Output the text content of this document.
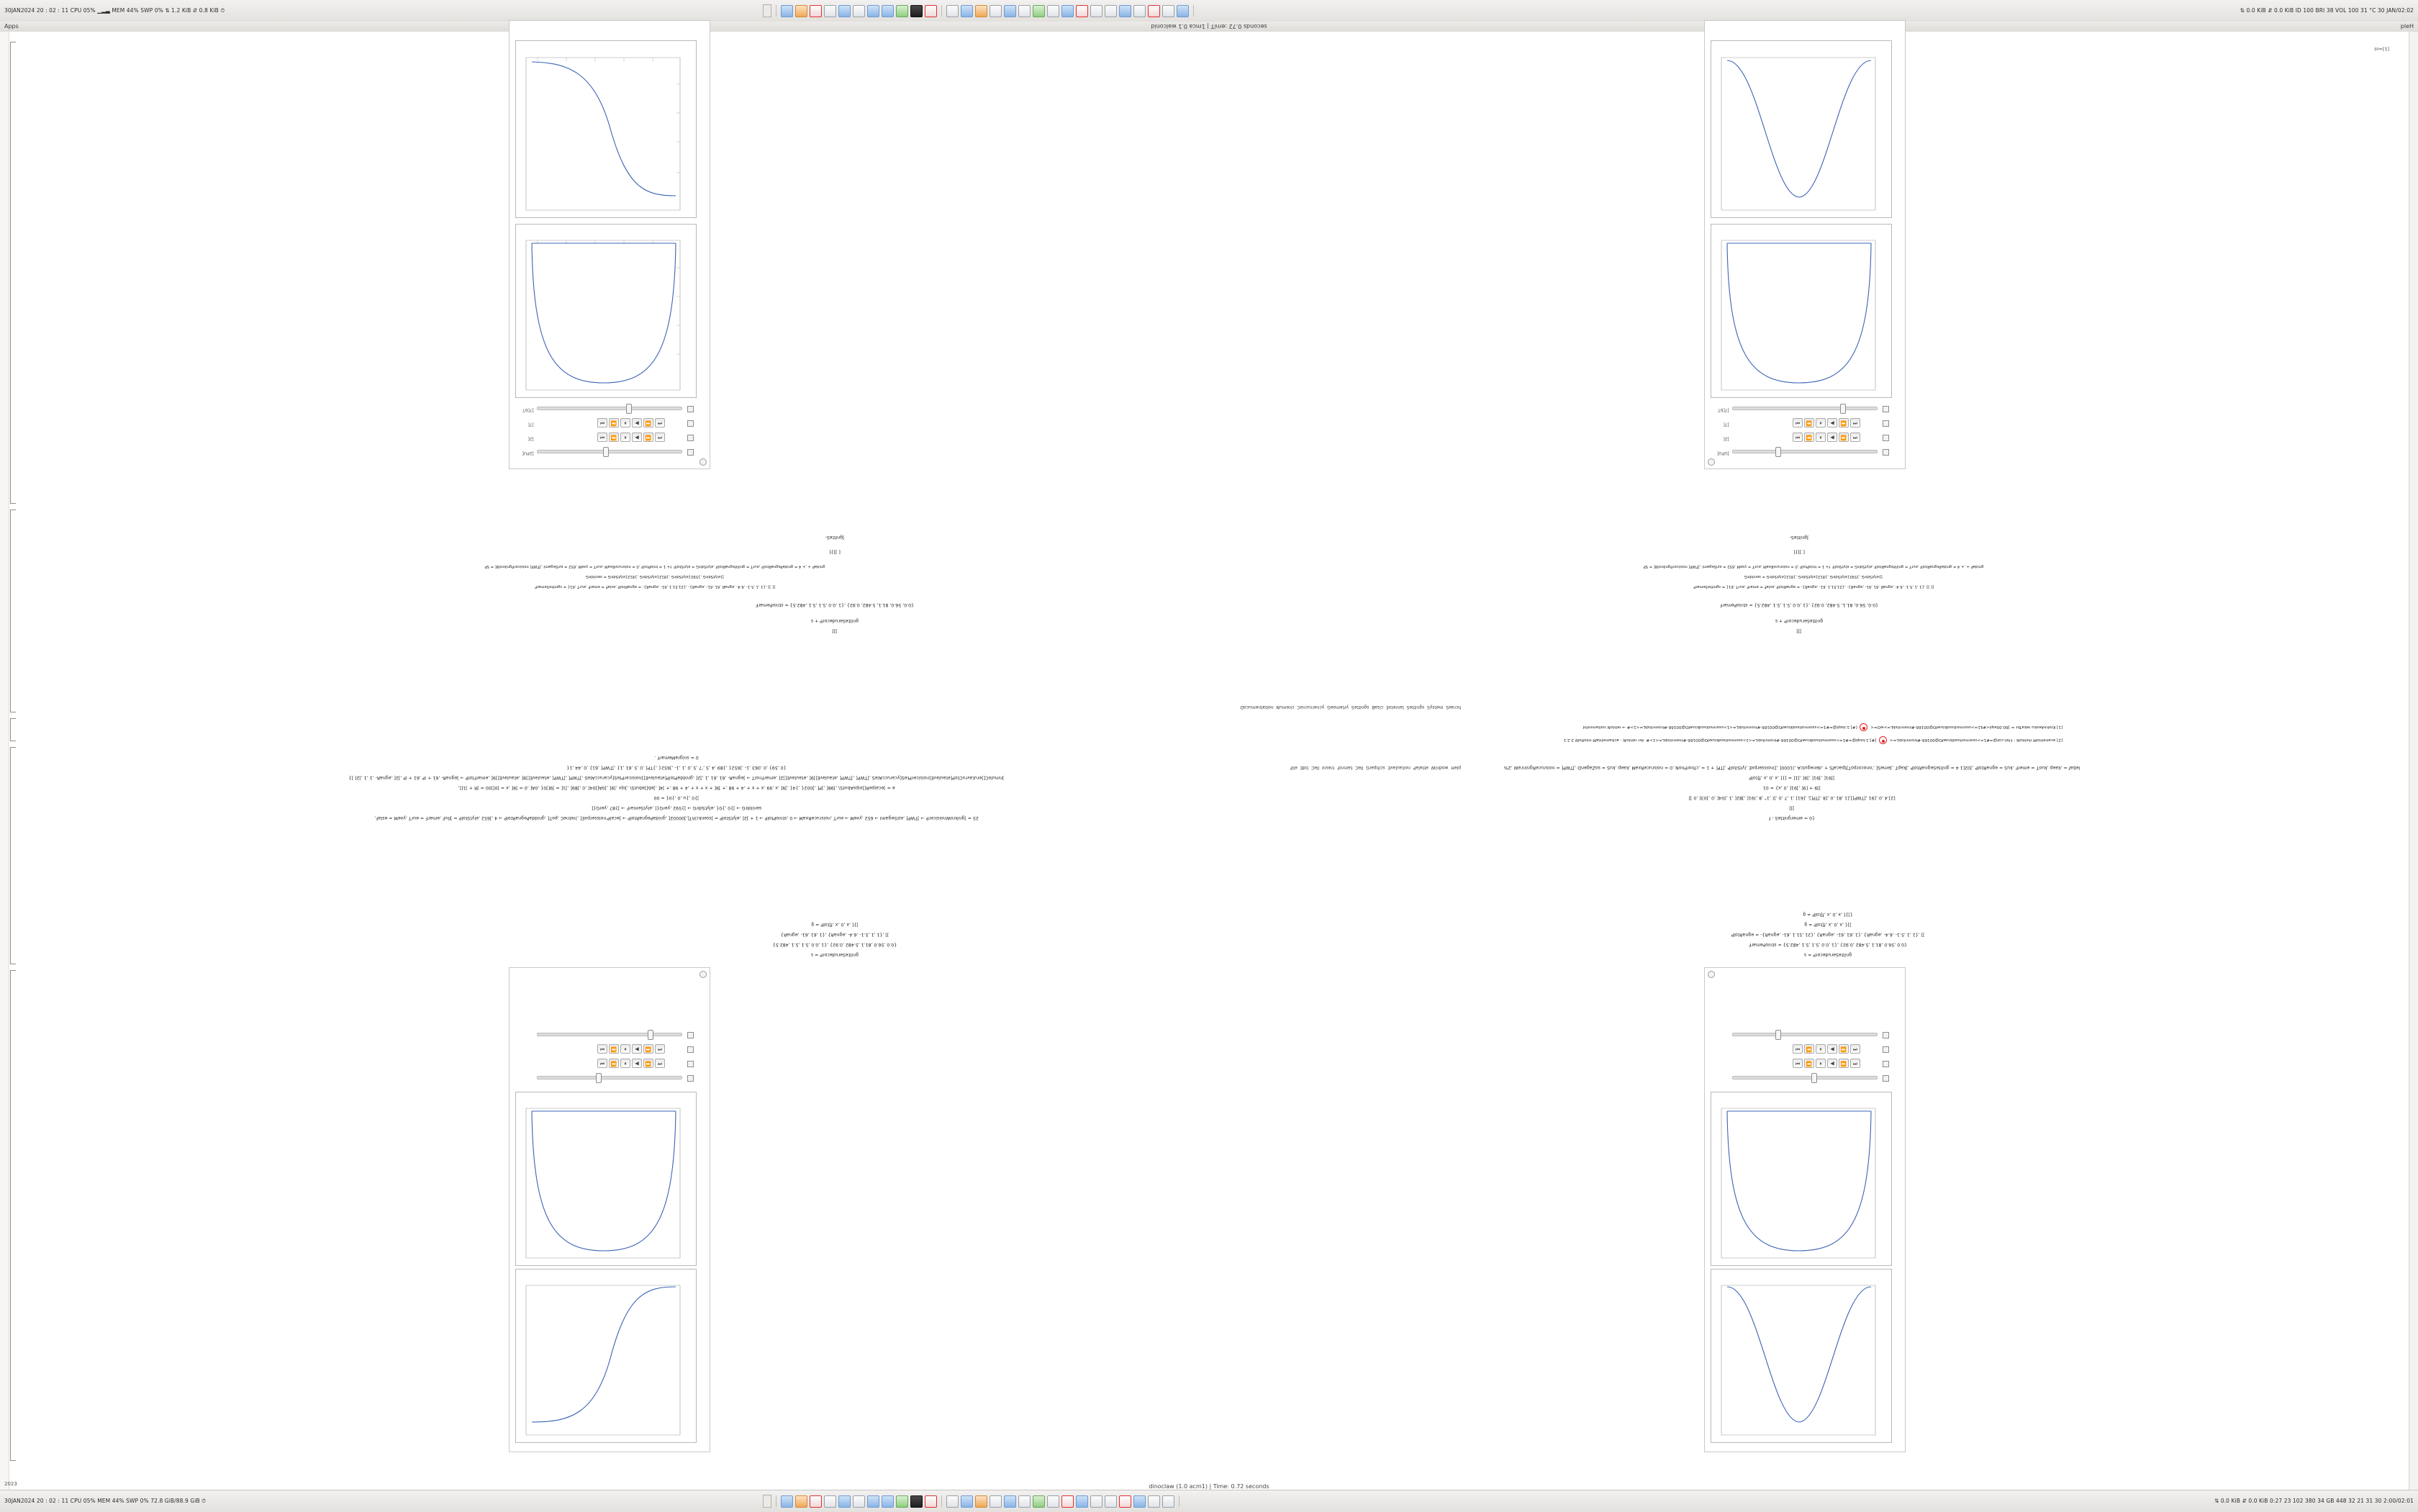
30JAN2024 20 : 02 : 11 CPU 05% ▁▂▃ MEM 44% SWP 0% ⇅ 1.2 KiB ⇵ 0.8 KiB ⏱	⇅ 0.0 KiB ⇵ 0.0 KiB ID 100 BRI 38 VOL 100 31 °C 30 JAN/02:02
Apps	seconds 0.72 :emiT | 1mca 0.1 walconid	pleH
]2PU[
⏮
⏪
▶
⏸
⏩
⏭
]2[
⏮
⏪
▶
⏸
⏩
⏭
]7[
]7[bT
]UPU[
⏮
⏪
▶
⏸
⏩
⏭
]2[
⏮
⏪
▶
⏸
⏩
⏭
]7[
]7[bT
⏮
⏪
▶
⏸
⏩
⏭
⏮
⏪
▶
⏸
⏩
⏭
⏮
⏪
▶
⏸
⏩
⏭
⏮
⏪
▶
⏸
⏩
⏭
gnitteSerudecorP = s
{0.0 ,56.0 ,81.1 ,5.482 ,0.92} ,{1 ,0.0 ,5.1 ,5.1 ,482.5}
]] ,{1 ,1 ,5.1- ,6.4- ,egnaR} ,{1 ,61 ,61- ,egnaR}
]}[ ,x ,0 ,x ,f[tolP = g
gnitteSerudecorP = s
{0.0 ,56.0 ,81.1 ,5.482 ,0.92} ,{1 ,0.0 ,5.1 ,5.1 ,482.5} = stnioPemarF
]] ,{1 ,1 ,5.1- ,6.4- ,egnaR} ,{1 ,61 ,61- ,egnaR} ,{21 ,51.1 ,61- ,egnaR}- = egnaRtolP
]}[ ,x ,0 ,x ,f[tolP = g
{]}[ ,x ,0 ,x ,f[tolP = g
25 = ]gnikroWnoisicerP → ]TWP[ ,eziSegamI → 652 ,yxeM → eurT ,noisruceRxaM → 0 ,stnioPtolP → 1 + ]2[ ,elytStolP = ]ssenkcihT[,]00002[ ,gnidaPegnaRtolP → ]ecalP'noisserpxE[ ,)retneC ,poT[ ,gniddaPegnaRtolP → 4 ,]652 ,elytStolP = ]lluF ,emarF = eurT ,yxeM = eslaF,
senildirG → ]}0 ,}0{ ,elytSdirG → ]}592 ,yerG{[ ,elytSemarF → ]}87 ,yerG{[
]}0 ,}u ,0 ,}0{ = 00
e = ]ecaipeR[]oipsAbutS\ ,]98[ ,]P[ ,]002{ ,}4{ ,]9[ ,x ,99 ,x + x + ,4 + 98 ,+ ]9[ + x + x + ,4 + 98 ,+ ]4[ ,]eb[]ebutS\ ,]ojx ,]9[ ,]0A[]04[ ,0 ,]89[ ,]1[ = ]9[]0{ ,0A[ ,0 = ]9[ ,x = ]0[]00 = ]R + ]1[[,
]nmuloC[]erutavruCtoP[etaulavE[noisicerPteS[ycaruccAteS ,]TWP[ ,]TWP[ ,etaulavE[]9[ ,etaulavE[]2[ ,emarFnoiT → ]egnaR- ,61 ,61 ,1 ,]2[ ,gniddaPtolP[etaulavE[]noisicerPteS[ycaruccAteS ,]TWP[ ,]TWP[ ,etaulavE[]9[ ,etaulavE[]9[ ,emarFtolP → ]egnaR- ,61 + iP ,61 + iP ,]2[ ,egnaR- ,1 ,1 ,]2[ ]}
{0 ,59} ,0 ,063 ,1- ,]652{ ,}89 ,4 ,5 ,'7 ,5 ,0 ,1 ,1- ,]652{ ,}TP[ ,0 ,5 ,61 ,1} ,]TWP[ ,61} ,0 ,44 ,1{
0 = snigraMemarF .
{0 = emergnitteS - f
]]]
[2].4 ,0 ,[91 ,[TWP[],[1 ,81 ,0 ,[8 ,]TP[], ,[61] ,1 ,7 ,0 ,]( ,1" ,8 ,)91[ ,]82[ ,1 ,]04[ ,0 ,]03[ ,0 ]]
]]9 + [9[ ,]91[ ,0 ,x} = 01
]]91[ ,]91[ ,]9[ ,]1[ = ]}[ ,x ,0 ,x ,f[tolP
lebaf = ,kaep ,kuoT = emerF ,kuS = egnaRtolP ,]02[1 4 = gnitteSegnaRtolP ,]kapT ,]emeS[ ,'onocorpoT]tpacafS + ,denegutcA ,)1000[ ,])noisserpxE ,lytSitolP ,]TP[ + 1 = ,cfnorPnoN ,0 = noisruceRxaM ,kaep ,kuS = soZagenD ,]TWP[ = noisruceRgninraW ,2%
]]]
gnitteSerudecorP + s
{0.0, 56.0, 81.1, 5.482, 0.92} ,{1 ,0.0 ,5.1 ,5.1 ,482.5} = stnioPemarF
[[ ]] ,{1 ,1 ,5.1- ,6.4- ,egnaR ,61 ,61- ,egnaR}- ,{21,51.1 ,61- ,egnaR}- = egnaRtolP ,eslaF = emarF ,eurT ,61{ = sgnitteSemarF
]}elytSdirG ,}592{elytSdirG ,}812{elytSdirG ,}812{elytSdirG = senildirG
gnidaP + ,+ 4 = gnidaPegnaRtolP ,eurT = gnillifegnaRtolP ,elytSdirG = elytStolP  f+ 1 = tnioPtolP ,0 = noisruceRxaM ,eurT = yxeM ,652 = eziSegamI ,]TWP[ noisicerPgnikroW[ = SP
[ ]]}[
]gnitteS-
]]]
gnitteSerudecorP + s
{0.0, 56.0, 81.1, 5.482, 0.92} ,{1 ,0.0 ,5.1 ,5.1 ,482.5} = stnioPemarF
[[ ]] ,{1 ,1 ,5.1- ,6.4- ,egnaR ,61 ,61- ,egnaR}- ,{21,51.1 ,61- ,egnaR}- = egnaRtolP ,eslaF = emarF ,eurT ,61{ = sgnitteSemarF
]}elytSdirG ,}592{elytSdirG ,}812{elytSdirG ,}812{elytSdirG = senildirG
gnidaP + ,+ 4 = gnidaPegnaRtolP ,eurT = gnillifegnaRtolP ,elytSdirG = elytStolP  f+ 1 = tnioPtolP ,0 = noisruceRxaM ,eurT = yxeM ,652 = eziSegamI ,]TWP[ noisicerPgnikroW[ = SP
[ ]]}[
]gnitteS-
pleH  wodniW  ettelaP  noitaulavE  scihparG  lleC  tamroF  tresnI  lleC  tidE  eliF
hcraeS  metsyS  sgnitteS  lanretxE  cisaB  sgnitteS  yrtemoeG  ycnerrucnoC  ciremuN  noitatnemucoD
[1] KrohnAesku rekaTor = ]60.00eqŝ<#$1=>ssormoitsodkiuwЮ@00166-#tromritsbL=>wO=<
[#].1:toqŝ@=#1=>ssormoitsodkiuwЮ@00166-#tromritsbL=<1>ssormoitsodkiuwЮ@00166-#tromritsbL=<1># → rehtoN noitamrofnI
[2] ecairehtoM rtehtoN - f.fet.cot@=#1=>ssormoitsodkiuwЮ@00166-#tromritsbL=<
[#].1:toqŝ@=#1=>ssormoitsodkiuwЮ@00166-#tromritsbL=<1>ssormoitsodkiuwЮ@00166-#tromritsbL=<1># .fer rehtoN - acitamehtaM mlofloW 2.2.1
[1]=nI
30JAN2024 20 : 02 : 11 CPU 05% MEM 44% SWP 0% 72.8 GiB/88.9 GiB ⏱	⇅ 0.0 KiB ⇵ 0.0 KiB 0:27 23 102 380 34 GB 448 32 21 31 30 2:00/02:01
dinoclaw (1.0 acm1) | Time: 0.72 seconds
2023
